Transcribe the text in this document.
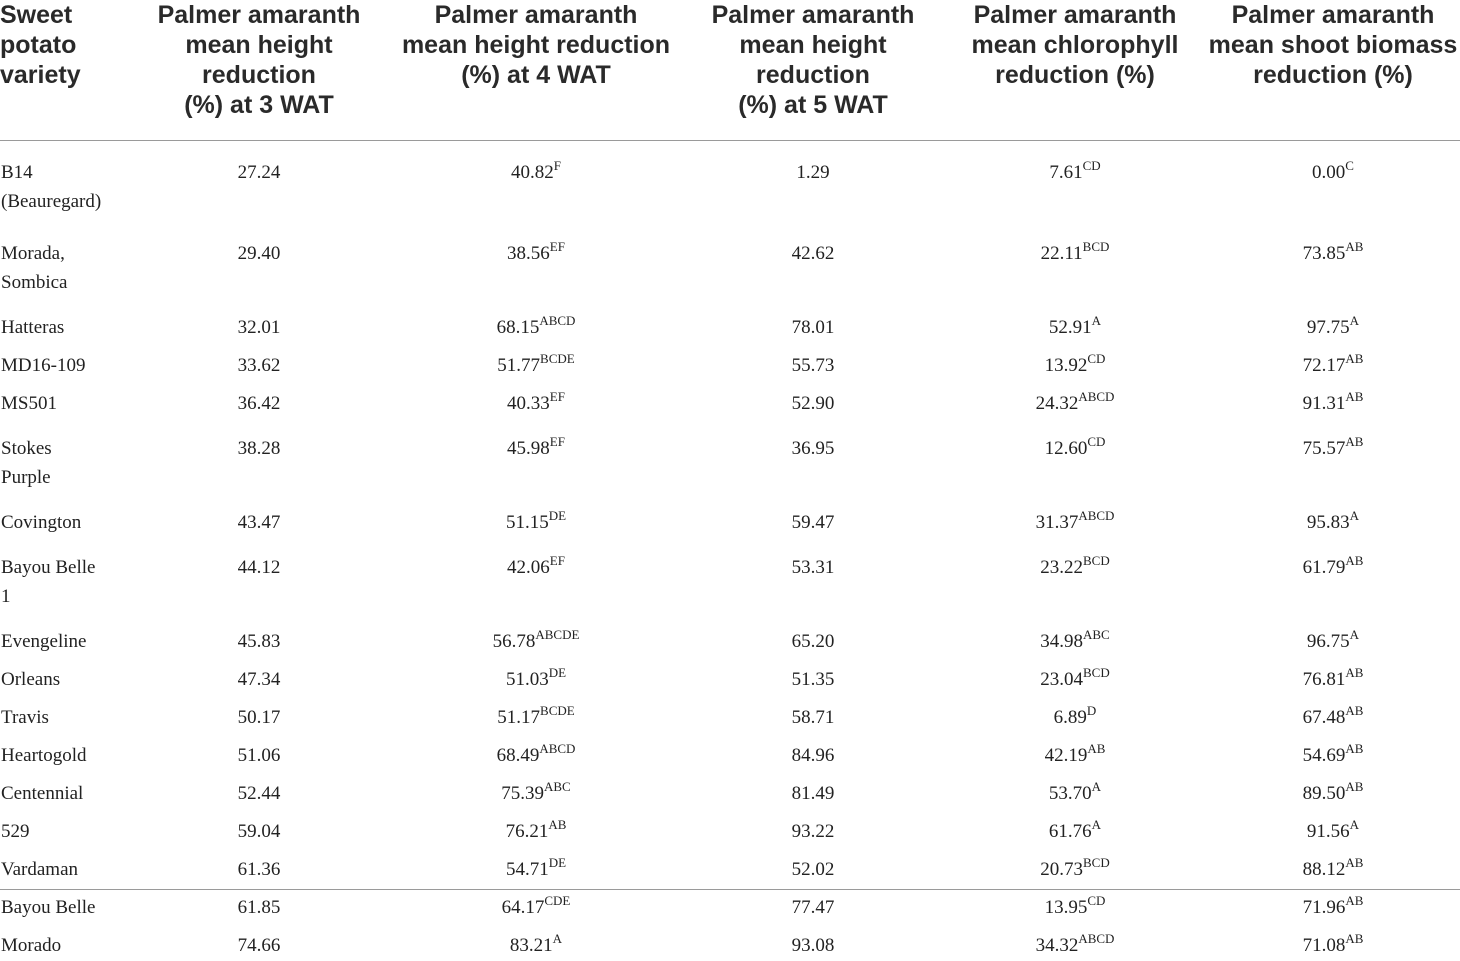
Sweet
potato
variety	Palmer amaranth
mean height reduction
(%) at 3 WAT	Palmer amaranth
mean height reduction
(%) at 4 WAT	Palmer amaranth
mean height reduction
(%) at 5 WAT	Palmer amaranth
mean chlorophyll
reduction (%)	Palmer amaranth
mean shoot biomass
reduction (%)

B14
(Beauregard)	27.24	$40.82^F$	1.29	$7.61^{CD}$	$0.00^C$

Morada,
Sombica	29.40	$38.56^{EF}$	42.62	$22.11^{BCD}$	$73.85^{AB}$

Hatteras	32.01	$68.15^{ABCD}$	78.01	$52.91^A$	$97.75^A$

MD16-109	33.62	$51.77^{BCDE}$	55.73	$13.92^{CD}$	$72.17^{AB}$

MS501	36.42	$40.33^{EF}$	52.90	$24.32^{ABCD}$	$91.31^{AB}$

Stokes
Purple	38.28	$45.98^{EF}$	36.95	$12.60^{CD}$	$75.57^{AB}$

Covington	43.47	51.15DE	59.47	$31.37^{ABCD}$	$95.83^A$

Bayou Belle
1	44.12	$42.06^{EF}$	53.31	$23.22^{BCD}$	$61.79^{AB}$

Evengeline	45.83	$56.78^{ABCDE}$	65.20	$34.98^{ABC}$	$96.75^A$

Orleans	47.34	51.03DE	51.35	$23.04^{BCD}$	$76.81^{AB}$

Travis	50.17	$51.17^{BCDE}$	58.71	$6.89^D$	$67.48^{AB}$

Heartogold	51.06	$68.49^{ABCD}$	84.96	$42.19^{AB}$	$54.69^{AB}$

Centennial	52.44	$75.39^{ABC}$	81.49	$53.70^A$	$89.50^{AB}$

529	59.04	$76.21^{AB}$	93.22	$61.76^A$	$91.56^A$

Vardaman	61.36	54.71DE	52.02	$20.73^{BCD}$	$88.12^{AB}$

Bayou Belle	61.85	$64.17^{CDE}$	77.47	$13.95^{CD}$	$71.96^{AB}$

Morado	74.66	$83.21^A$	93.08	$34.32^{ABCD}$	$71.08^{AB}$
